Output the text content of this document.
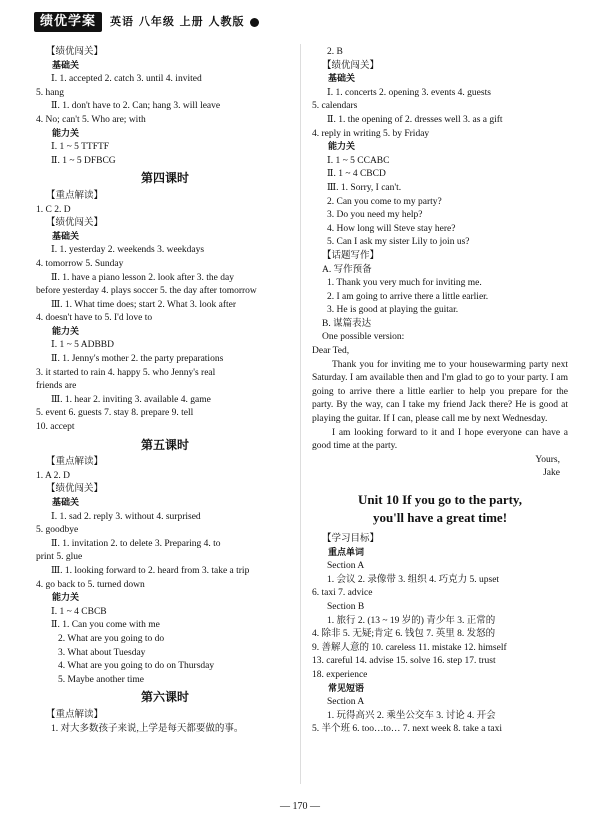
绩优学案	英语 八年级 上册 人教版
【绩优闯关】
基础关
Ⅰ. 1. accepted 2. catch 3. until 4. invited
5. hang
Ⅱ. 1. don't have to 2. Can; hang 3. will leave
4. No; can't 5. Who are; with
能力关
Ⅰ. 1 ~ 5 TTFTF
Ⅱ. 1 ~ 5 DFBCG
第四课时
【重点解读】
1. C 2. D
【绩优闯关】
基础关
Ⅰ. 1. yesterday 2. weekends 3. weekdays
4. tomorrow 5. Sunday
Ⅱ. 1. have a piano lesson 2. look after 3. the day
before yesterday 4. plays soccer 5. the day after tomorrow
Ⅲ. 1. What time does; start 2. What 3. look after
4. doesn't have to 5. I'd love to
能力关
Ⅰ. 1 ~ 5 ADBBD
Ⅱ. 1. Jenny's mother 2. the party preparations
3. it started to rain 4. happy 5. who Jenny's real
friends are
Ⅲ. 1. hear 2. inviting 3. available 4. game
5. event 6. guests 7. stay 8. prepare 9. tell
10. accept
第五课时
【重点解读】
1. A 2. D
【绩优闯关】
基础关
Ⅰ. 1. sad 2. reply 3. without 4. surprised
5. goodbye
Ⅱ. 1. invitation 2. to delete 3. Preparing 4. to
print 5. glue
Ⅲ. 1. looking forward to 2. heard from 3. take a trip
4. go back to 5. turned down
能力关
Ⅰ. 1 ~ 4 CBCB
Ⅱ. 1. Can you come with me
2. What are you going to do
3. What about Tuesday
4. What are you going to do on Thursday
5. Maybe another time
第六课时
【重点解读】
1. 对大多数孩子来说,上学是每天都要做的事。
2. B
【绩优闯关】
基础关
Ⅰ. 1. concerts 2. opening 3. events 4. guests
5. calendars
Ⅱ. 1. the opening of 2. dresses well 3. as a gift
4. reply in writing 5. by Friday
能力关
Ⅰ. 1 ~ 5 CCABC
Ⅱ. 1 ~ 4 CBCD
Ⅲ. 1. Sorry, I can't.
2. Can you come to my party?
3. Do you need my help?
4. How long will Steve stay here?
5. Can I ask my sister Lily to join us?
【话题写作】
A. 写作预备
1. Thank you very much for inviting me.
2. I am going to arrive there a little earlier.
3. He is good at playing the guitar.
B. 谋篇表达
One possible version:
Dear Ted,
Thank you for inviting me to your housewarming party next Saturday. I am available then and I'm glad to go to your party. I am going to arrive there a little earlier to help you prepare for the party. By the way, can I take my friend Jack there? He is good at playing the guitar. If I can, please call me by next Wednesday.
I am looking forward to it and I hope everyone can have a good time at the party.
Yours,
Jake
Unit 10 If you go to the party,
you'll have a great time!
【学习目标】
重点单词
Section A
1. 会议 2. 录像带 3. 组织 4. 巧克力 5. upset
6. taxi 7. advice
Section B
1. 旅行 2. (13 ~ 19 岁的) 青少年 3. 正常的
4. 除非 5. 无疑;肯定 6. 钱包 7. 英里 8. 发怒的
9. 善解人意的 10. careless 11. mistake 12. himself
13. careful 14. advise 15. solve 16. step 17. trust
18. experience
常见短语
Section A
1. 玩得高兴 2. 乘坐公交车 3. 讨论 4. 开会
5. 半个班 6. too…to… 7. next week 8. take a taxi
— 170 —
